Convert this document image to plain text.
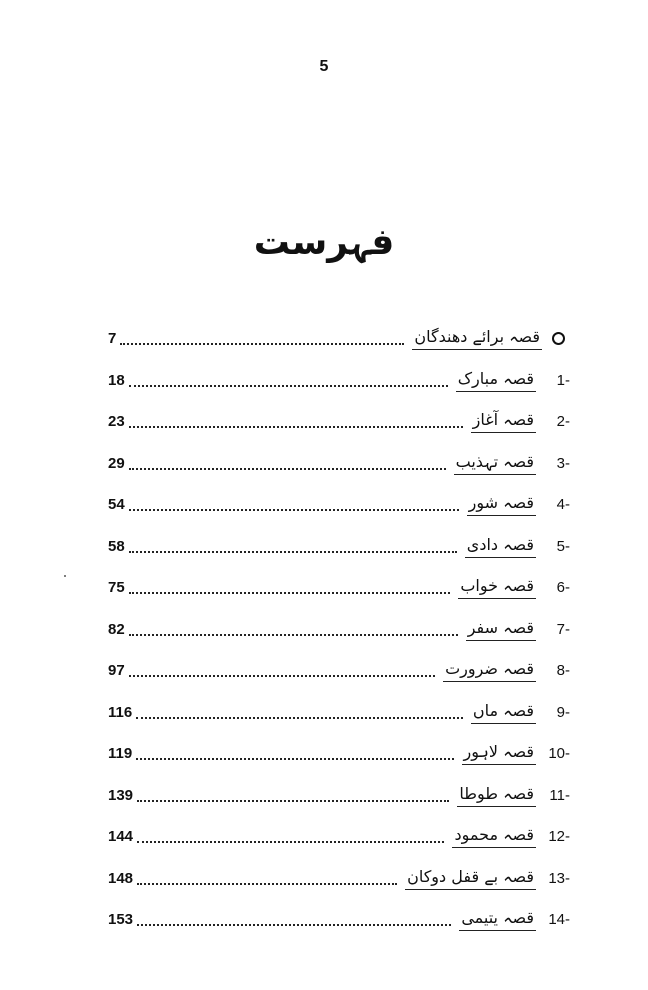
5
فہرست
7	قصہ برائے دھندگان
18	قصہ مبارک	1-
23	قصہ آغاز	2-
29	قصہ تہذیب	3-
54	قصہ شور	4-
58	قصہ دادی	5-
75	قصہ خواب	6-
82	قصہ سفر	7-
97	قصہ ضرورت	8-
116	قصہ ماں	9-
119	قصہ لاہور 10-
139	قصہ طوطا	11-
144	قصہ محمود 12-
148	قصہ بے قفل دوکان 13-
153	قصہ یتیمی 14-
